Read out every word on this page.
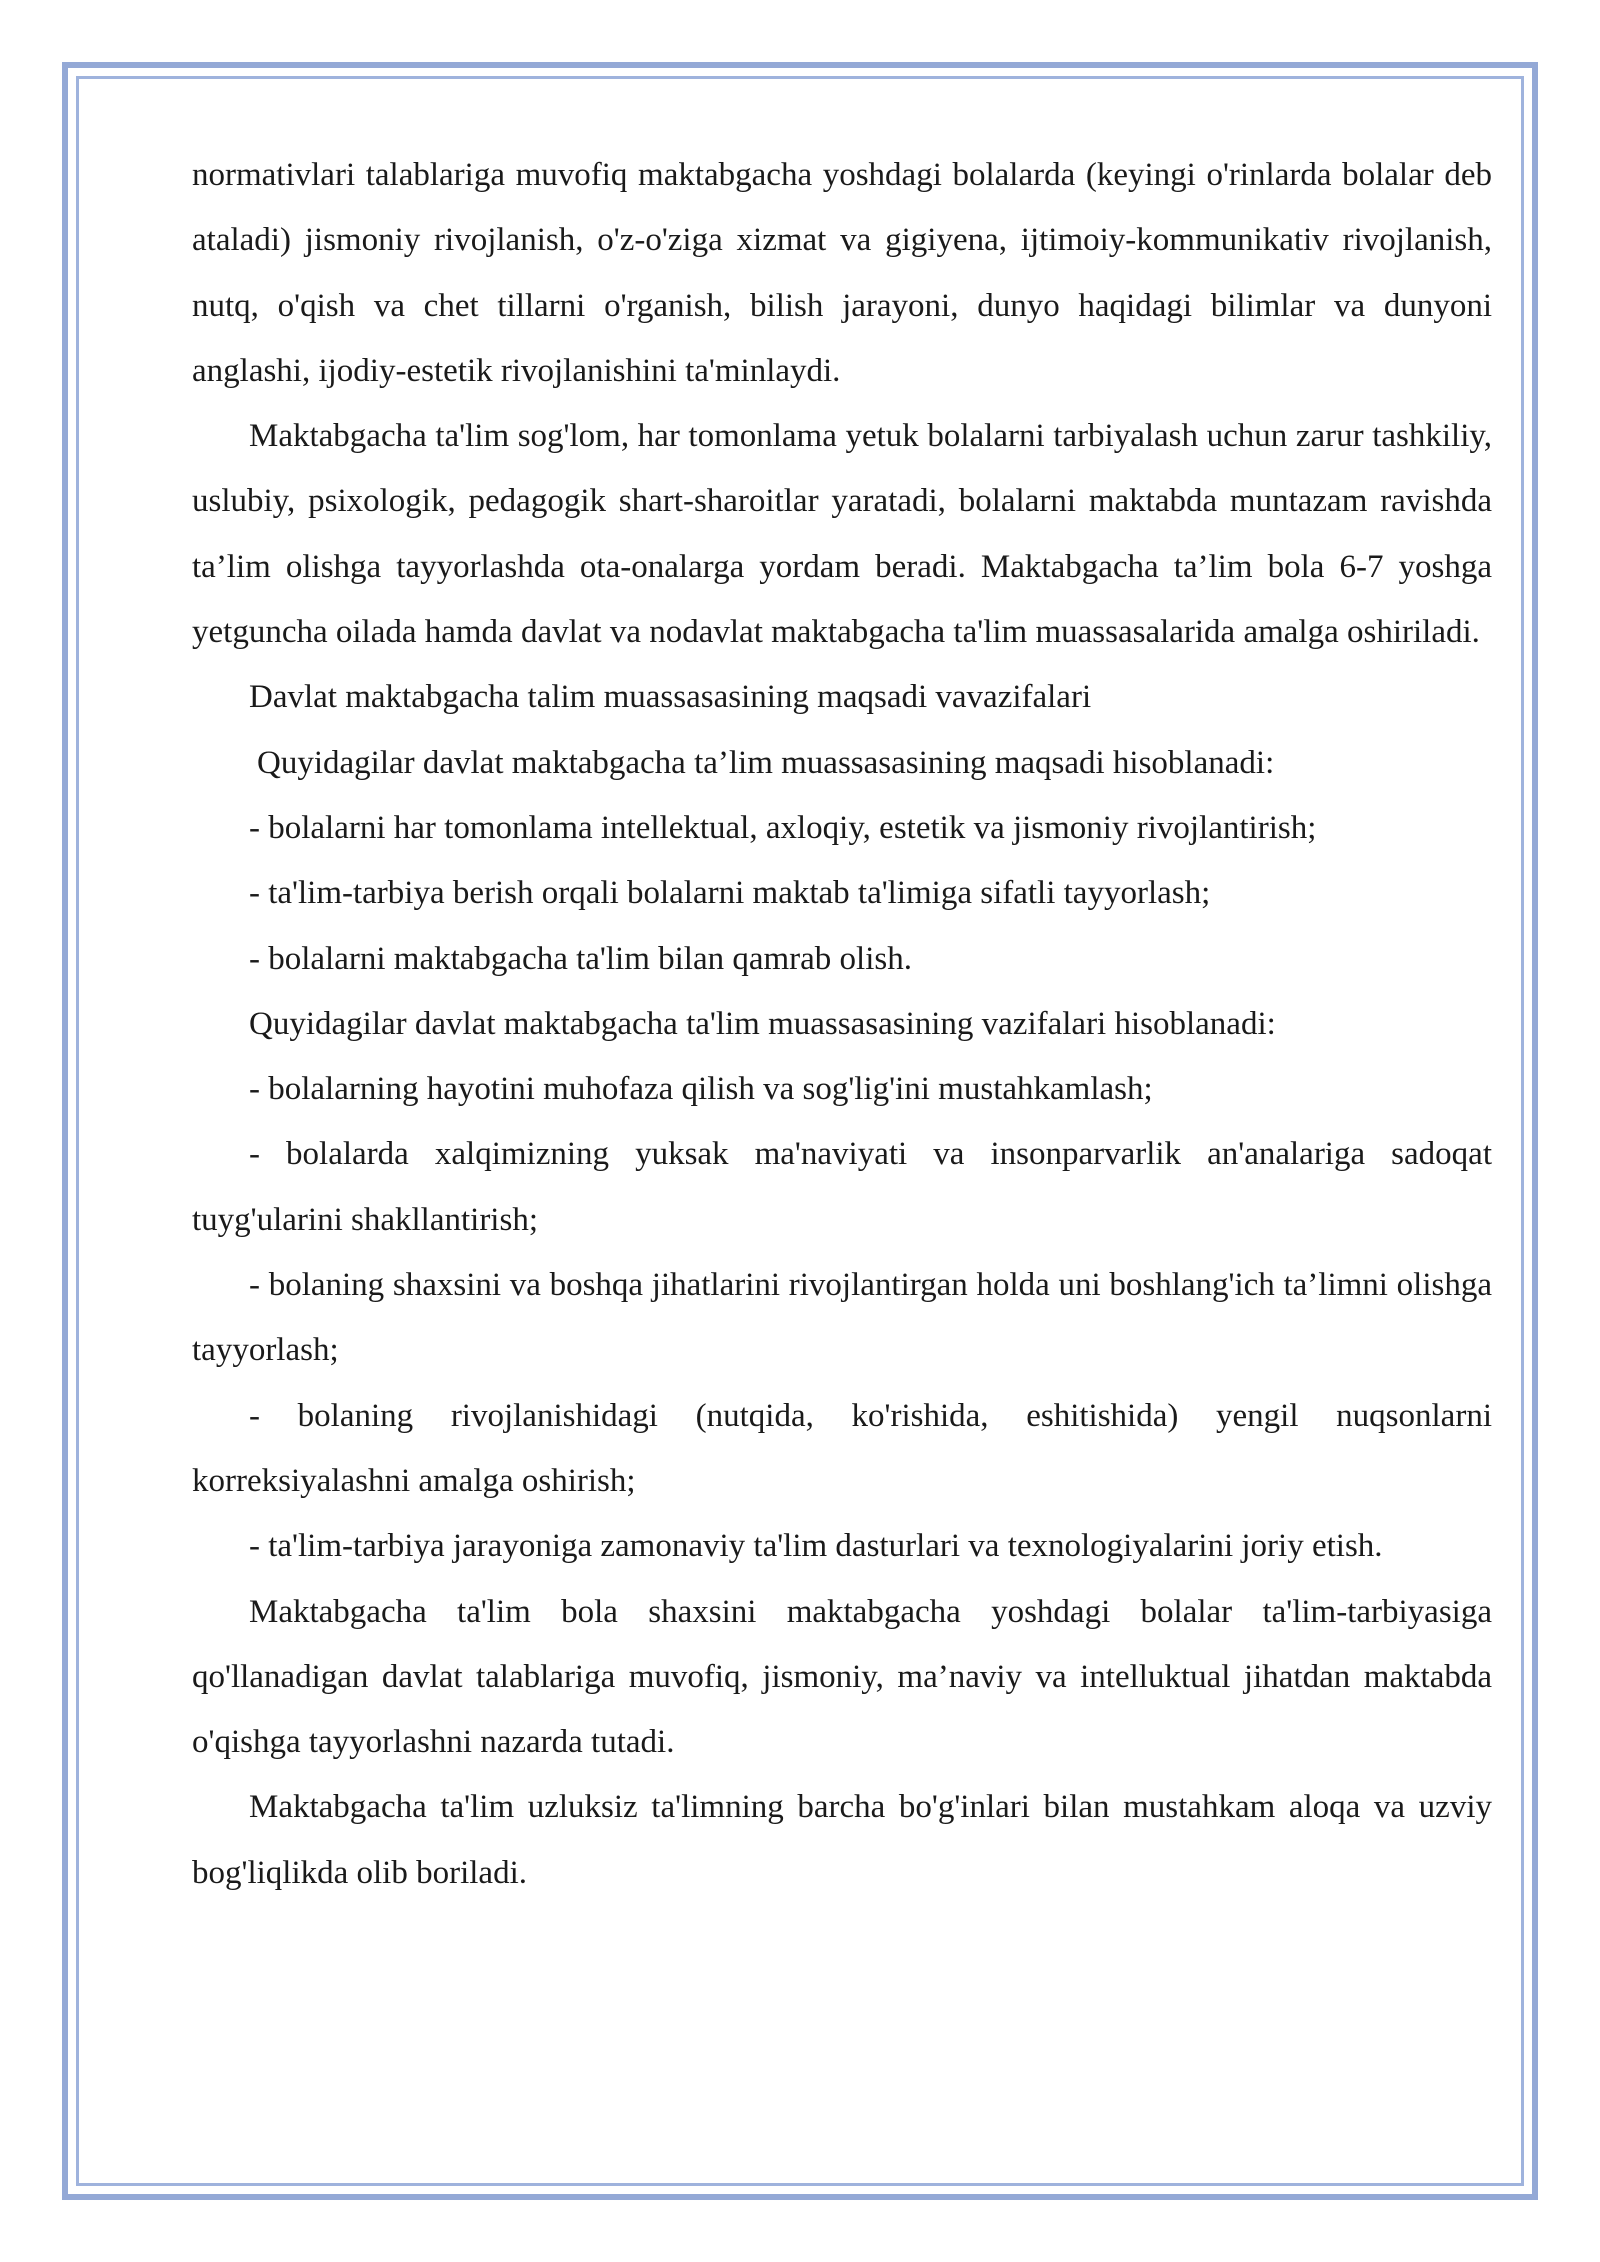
normativlari talablariga muvofiq maktabgacha yoshdagi bolalarda (keyingi o'rinlarda bolalar deb ataladi) jismoniy rivojlanish, o'z-o'ziga xizmat va gigiyena, ijtimoiy-kommunikativ rivojlanish, nutq, o'qish va chet tillarni o'rganish, bilish jarayoni, dunyo haqidagi bilimlar va dunyoni anglashi, ijodiy-estetik rivojlanishini ta'minlaydi.

Maktabgacha ta'lim sog'lom, har tomonlama yetuk bolalarni tarbiyalash uchun zarur tashkiliy, uslubiy, psixologik, pedagogik shart-sharoitlar yaratadi, bolalarni maktabda muntazam ravishda ta’lim olishga tayyorlashda ota-onalarga yordam beradi. Maktabgacha ta’lim bola 6-7 yoshga yetguncha oilada hamda davlat va nodavlat maktabgacha ta'lim muassasalarida amalga oshiriladi.

Davlat maktabgacha talim muassasasining maqsadi vavazifalari

Quyidagilar davlat maktabgacha ta’lim muassasasining maqsadi hisoblanadi:

- bolalarni har tomonlama intellektual, axloqiy, estetik va jismoniy rivojlantirish;

- ta'lim-tarbiya berish orqali bolalarni maktab ta'limiga sifatli tayyorlash;

- bolalarni maktabgacha ta'lim bilan qamrab olish.

Quyidagilar davlat maktabgacha ta'lim muassasasining vazifalari hisoblanadi:

- bolalarning hayotini muhofaza qilish va sog'lig'ini mustahkamlash;

- bolalarda xalqimizning yuksak ma'naviyati va insonparvarlik an'analariga sadoqat tuyg'ularini shakllantirish;

- bolaning shaxsini va boshqa jihatlarini rivojlantirgan holda uni boshlang'ich ta’limni olishga tayyorlash;

- bolaning rivojlanishidagi (nutqida, ko'rishida, eshitishida) yengil nuqsonlarni korreksiyalashni amalga oshirish;

- ta'lim-tarbiya jarayoniga zamonaviy ta'lim dasturlari va texnologiyalarini joriy etish.

Maktabgacha ta'lim bola shaxsini maktabgacha yoshdagi bolalar ta'lim-tarbiyasiga qo'llanadigan davlat talablariga muvofiq, jismoniy, ma’naviy va intelluktual jihatdan maktabda o'qishga tayyorlashni nazarda tutadi.

Maktabgacha ta'lim uzluksiz ta'limning barcha bo'g'inlari bilan mustahkam aloqa va uzviy bog'liqlikda olib boriladi.
